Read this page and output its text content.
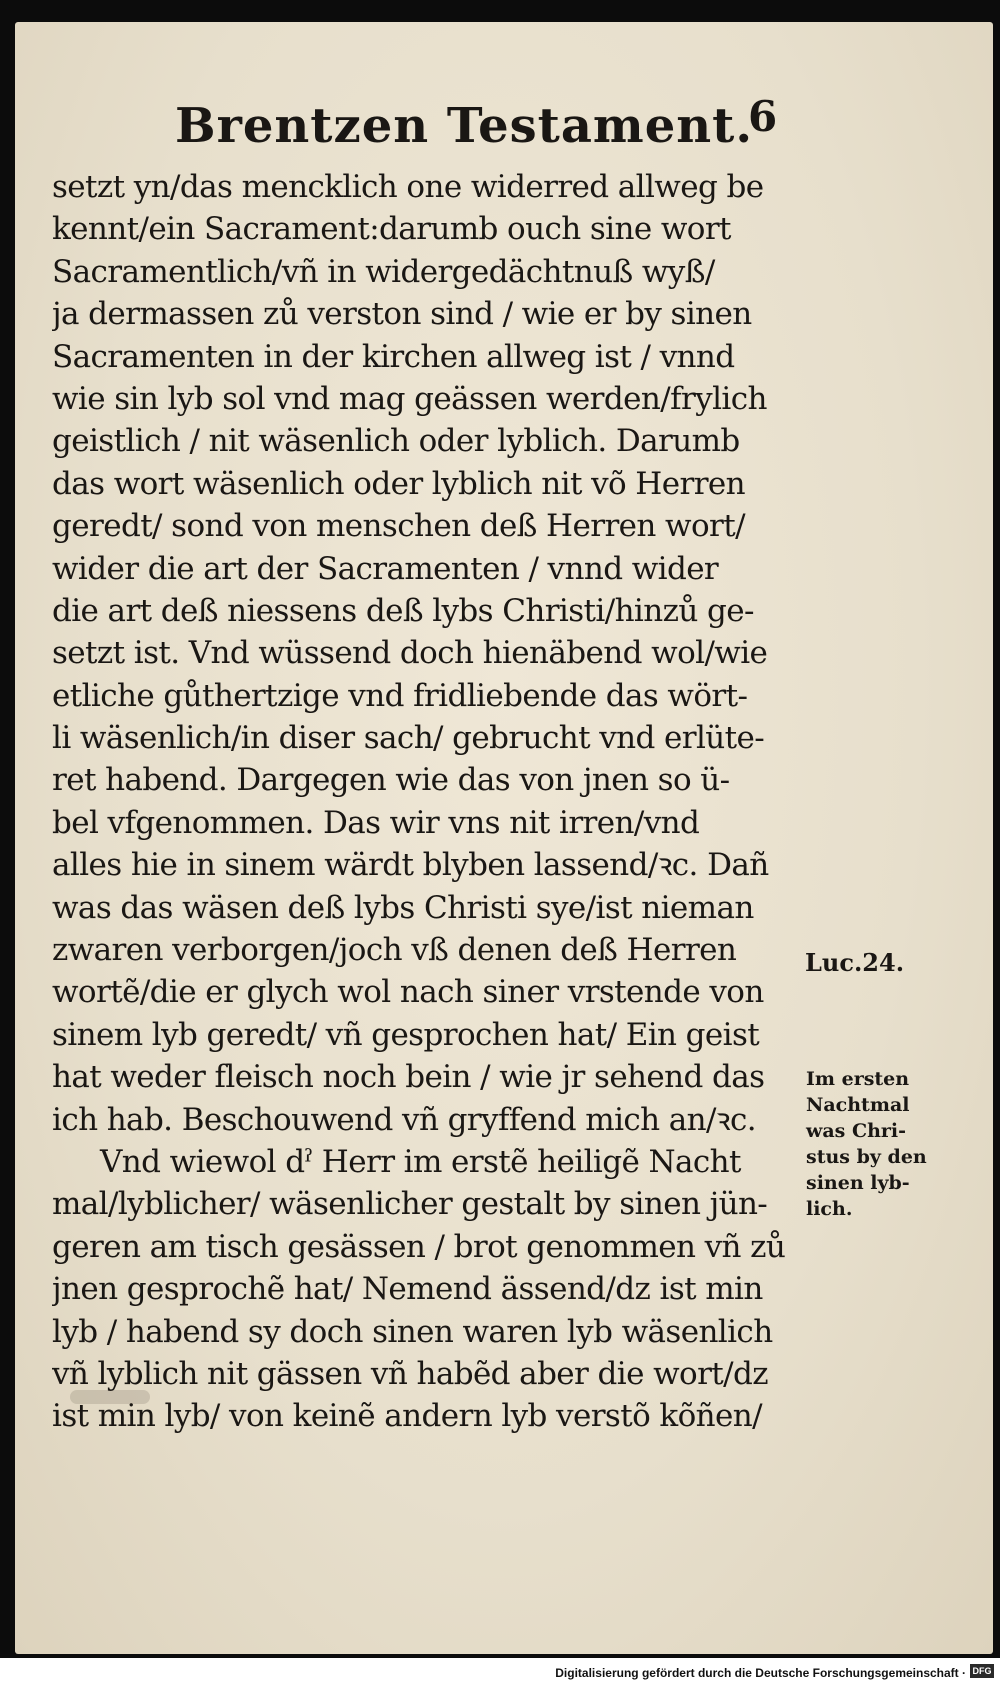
Brentzen Testament.
6
setzt yn/das mencklich one widerred allweg be
kennt/ein Sacrament:darumb ouch sine wort
Sacramentlich/vñ in widergedächtnuß wyß/
ja dermassen zů verston sind / wie er by sinen
Sacramenten in der kirchen allweg ist / vnnd
wie sin lyb sol vnd mag geässen werden/frylich
geistlich / nit wäsenlich oder lyblich. Darumb
das wort wäsenlich oder lyblich nit võ Herren
geredt/ sond von menschen deß Herren wort/
wider die art der Sacramenten / vnnd wider
die art deß niessens deß lybs Christi/hinzů ge-
setzt ist. Vnd wüssend doch hienäbend wol/wie
etliche gůthertzige vnd fridliebende das wört-
li wäsenlich/in diser sach/ gebrucht vnd erlüte-
ret habend. Dargegen wie das von jnen so ü-
bel vfgenommen. Das wir vns nit irren/vnd
alles hie in sinem wärdt blyben lassend/ꝛc. Dañ
was das wäsen deß lybs Christi sye/ist nieman
zwaren verborgen/joch vß denen deß Herren
wortẽ/die er glych wol nach siner vrstende von
sinem lyb geredt/ vñ gesprochen hat/ Ein geist
hat weder fleisch noch bein / wie jr sehend das
ich hab. Beschouwend vñ gryffend mich an/ꝛc.
Vnd wiewol dˀ Herr im erstẽ heiligẽ Nacht
mal/lyblicher/ wäsenlicher gestalt by sinen jün-
geren am tisch gesässen / brot genommen vñ zů
jnen gesprochẽ hat/ Nemend ässend/dz ist min
lyb / habend sy doch sinen waren lyb wäsenlich
vñ lyblich nit gässen vñ habẽd aber die wort/dz
ist min lyb/ von keinẽ andern lyb verstõ kõñen/
Luc.24.
Im ersten
Nachtmal
was Chri-
stus by den
sinen lyb-
lich.
Digitalisierung gefördert durch die Deutsche Forschungsgemeinschaft · DFG
